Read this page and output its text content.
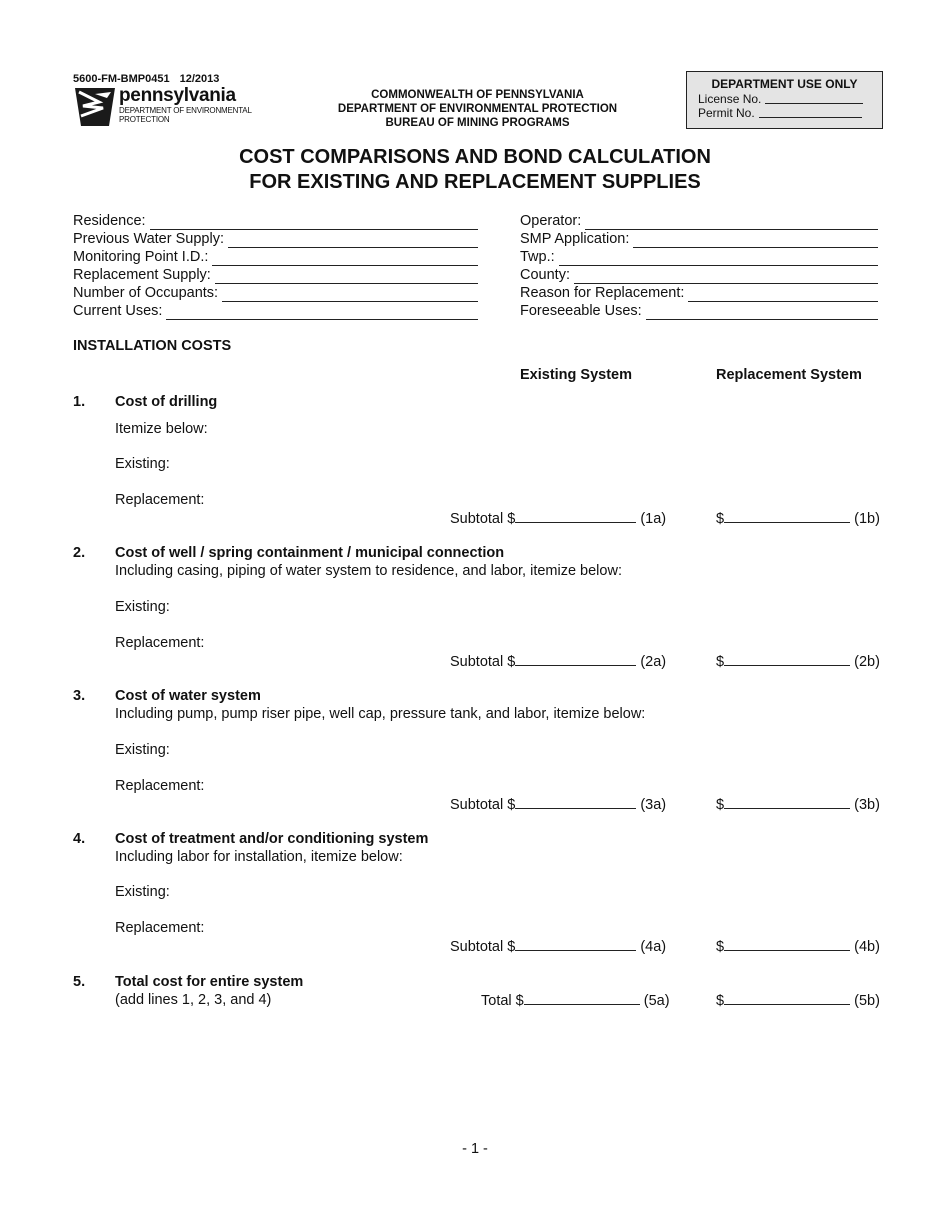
5600-FM-BMP0451 12/2013
pennsylvania
DEPARTMENT OF ENVIRONMENTAL
PROTECTION
COMMONWEALTH OF PENNSYLVANIA
DEPARTMENT OF ENVIRONMENTAL PROTECTION
BUREAU OF MINING PROGRAMS
DEPARTMENT USE ONLY
License No.
Permit No.
COST COMPARISONS AND BOND CALCULATION
FOR EXISTING AND REPLACEMENT SUPPLIES
Residence:
Previous Water Supply:
Monitoring Point I.D.:
Replacement Supply:
Number of Occupants:
Current Uses:
Operator:
SMP Application:
Twp.:
County:
Reason for Replacement:
Foreseeable Uses:
INSTALLATION COSTS
Existing System	Replacement System
1. Cost of drilling
Itemize below:
Existing:
Replacement:
Subtotal $	(1a)	$	(1b)
2. Cost of well / spring containment / municipal connection
Including casing, piping of water system to residence, and labor, itemize below:
Existing:
Replacement:
Subtotal $	(2a)	$	(2b)
3. Cost of water system
Including pump, pump riser pipe, well cap, pressure tank, and labor, itemize below:
Existing:
Replacement:
Subtotal $	(3a)	$	(3b)
4. Cost of treatment and/or conditioning system
Including labor for installation, itemize below:
Existing:
Replacement:
Subtotal $	(4a)	$	(4b)
5. Total cost for entire system
(add lines 1, 2, 3, and 4)	Total $	(5a)	$	(5b)
- 1 -
